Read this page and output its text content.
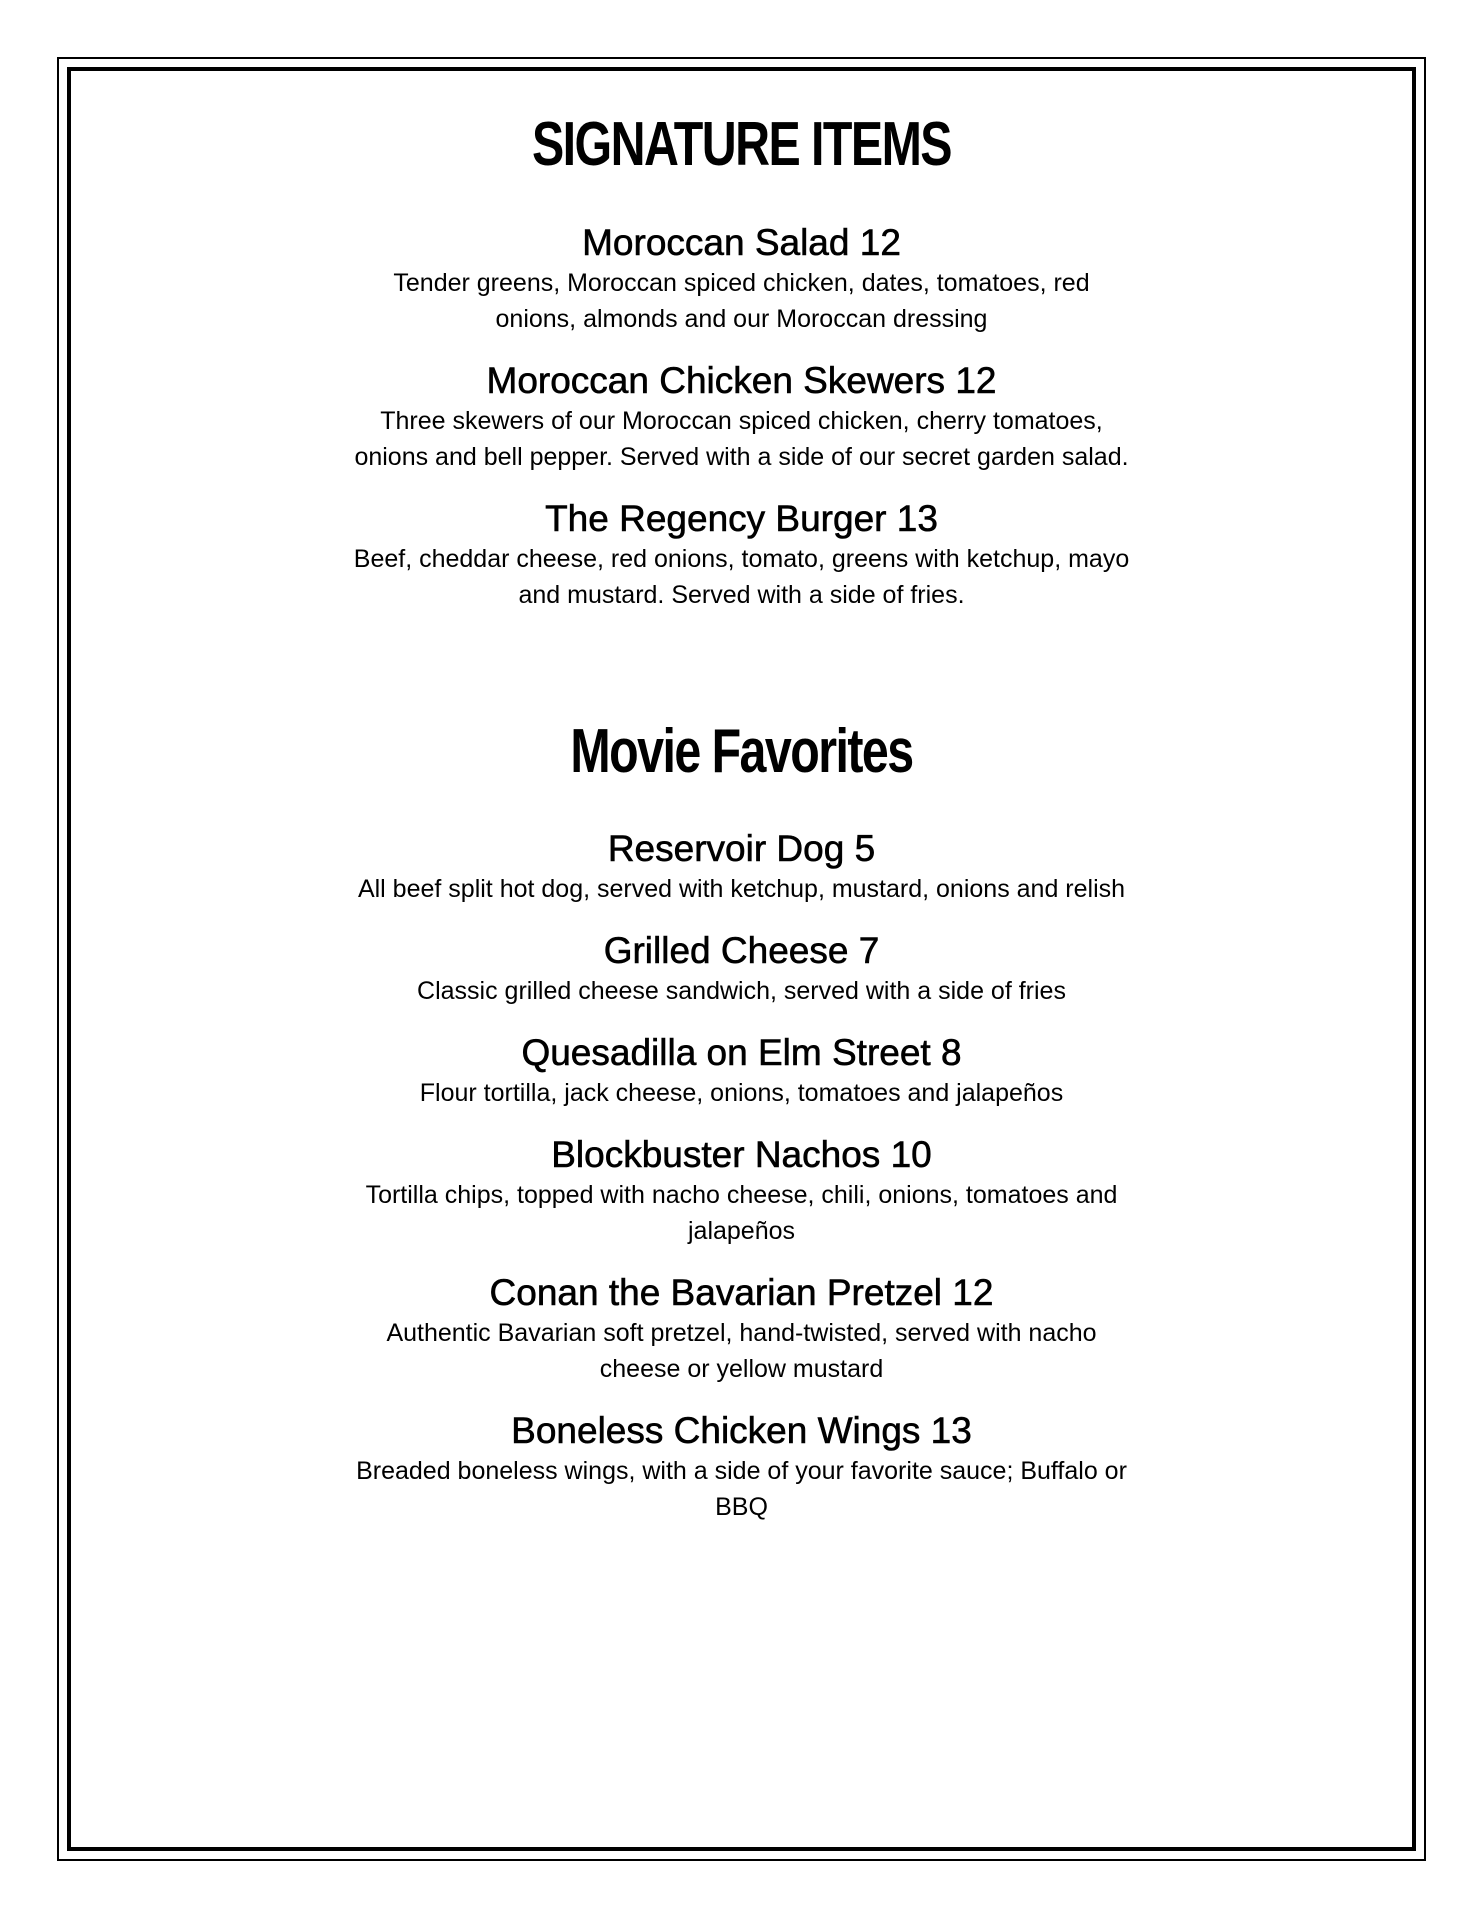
SIGNATURE ITEMS

Moroccan Salad 12

Tender greens, Moroccan spiced chicken, dates, tomatoes, red onions, almonds and our Moroccan dressing

Moroccan Chicken Skewers 12

Three skewers of our Moroccan spiced chicken, cherry tomatoes, onions and bell pepper. Served with a side of our secret garden salad.

The Regency Burger 13

Beef, cheddar cheese, red onions, tomato, greens with ketchup, mayo and mustard. Served with a side of fries.

Movie Favorites

Reservoir Dog 5

All beef split hot dog, served with ketchup, mustard, onions and relish

Grilled Cheese 7

Classic grilled cheese sandwich, served with a side of fries

Quesadilla on Elm Street 8

Flour tortilla, jack cheese, onions, tomatoes and jalapeños

Blockbuster Nachos 10

Tortilla chips, topped with nacho cheese, chili, onions, tomatoes and jalapeños

Conan the Bavarian Pretzel 12

Authentic Bavarian soft pretzel, hand-twisted, served with nacho cheese or yellow mustard

Boneless Chicken Wings 13

Breaded boneless wings, with a side of your favorite sauce; Buffalo or BBQ
